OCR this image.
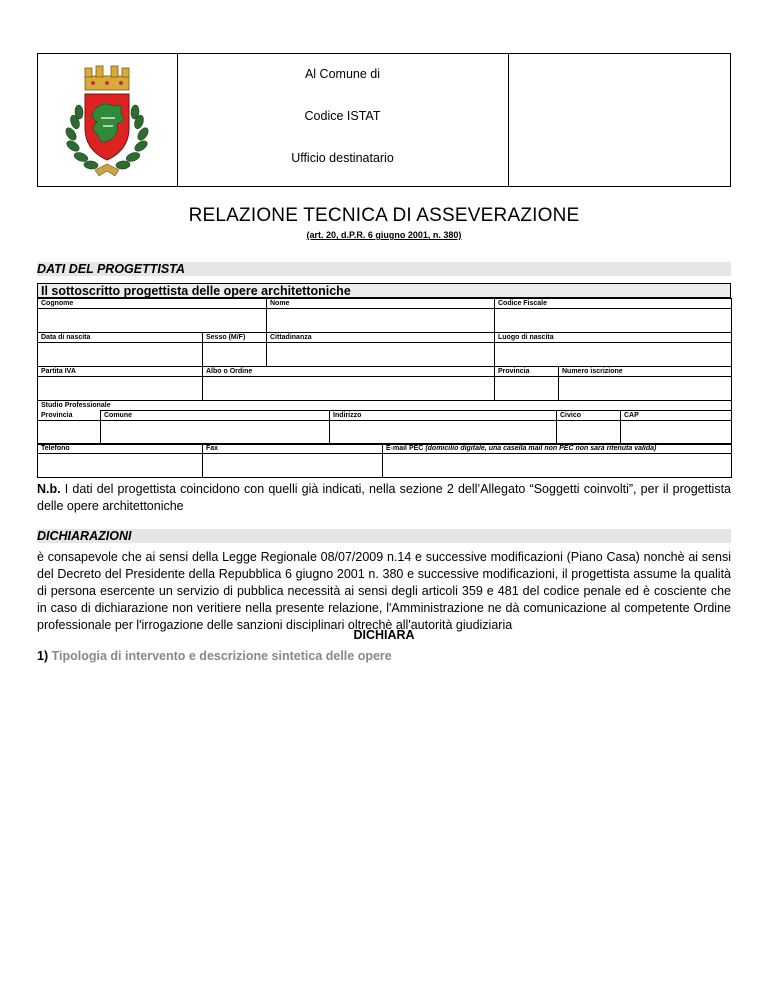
Al Comune di
Codice ISTAT
Ufficio destinatario
RELAZIONE TECNICA DI ASSEVERAZIONE
(art. 20, d.P.R. 6 giugno 2001, n. 380)
DATI DEL PROGETTISTA
Il sottoscritto progettista delle opere architettoniche
Cognome	Nome	Codice Fiscale

Data di nascita	Sesso (M/F)	Cittadinanza	Luogo di nascita

Partita IVA	Albo o Ordine	Provincia	Numero iscrizione

Studio Professionale				
Provincia	Comune	Indirizzo	Civico	CAP

Telefono	Fax	E-mail PEC (domicilio digitale, una casella mail non PEC non sarà ritenuta valida)

N.b. I dati del progettista coincidono con quelli già indicati, nella sezione 2 dell’Allegato “Soggetti coinvolti”, per il progettista delle opere architettoniche
DICHIARAZIONI
è consapevole che ai sensi della Legge Regionale 08/07/2009 n.14 e successive modificazioni (Piano Casa) nonchè ai sensi del Decreto del Presidente della Repubblica 6 giugno 2001 n. 380 e successive modificazioni, il progettista assume la qualità di persona esercente un servizio di pubblica necessità ai sensi degli articoli 359 e 481 del codice penale ed è cosciente che in caso di dichiarazione non veritiere nella presente relazione, l'Amministrazione ne dà comunicazione al competente Ordine professionale per l'irrogazione delle sanzioni disciplinari oltrechè all'autorità giudiziaria
DICHIARA
1) Tipologia di intervento e descrizione sintetica delle opere
